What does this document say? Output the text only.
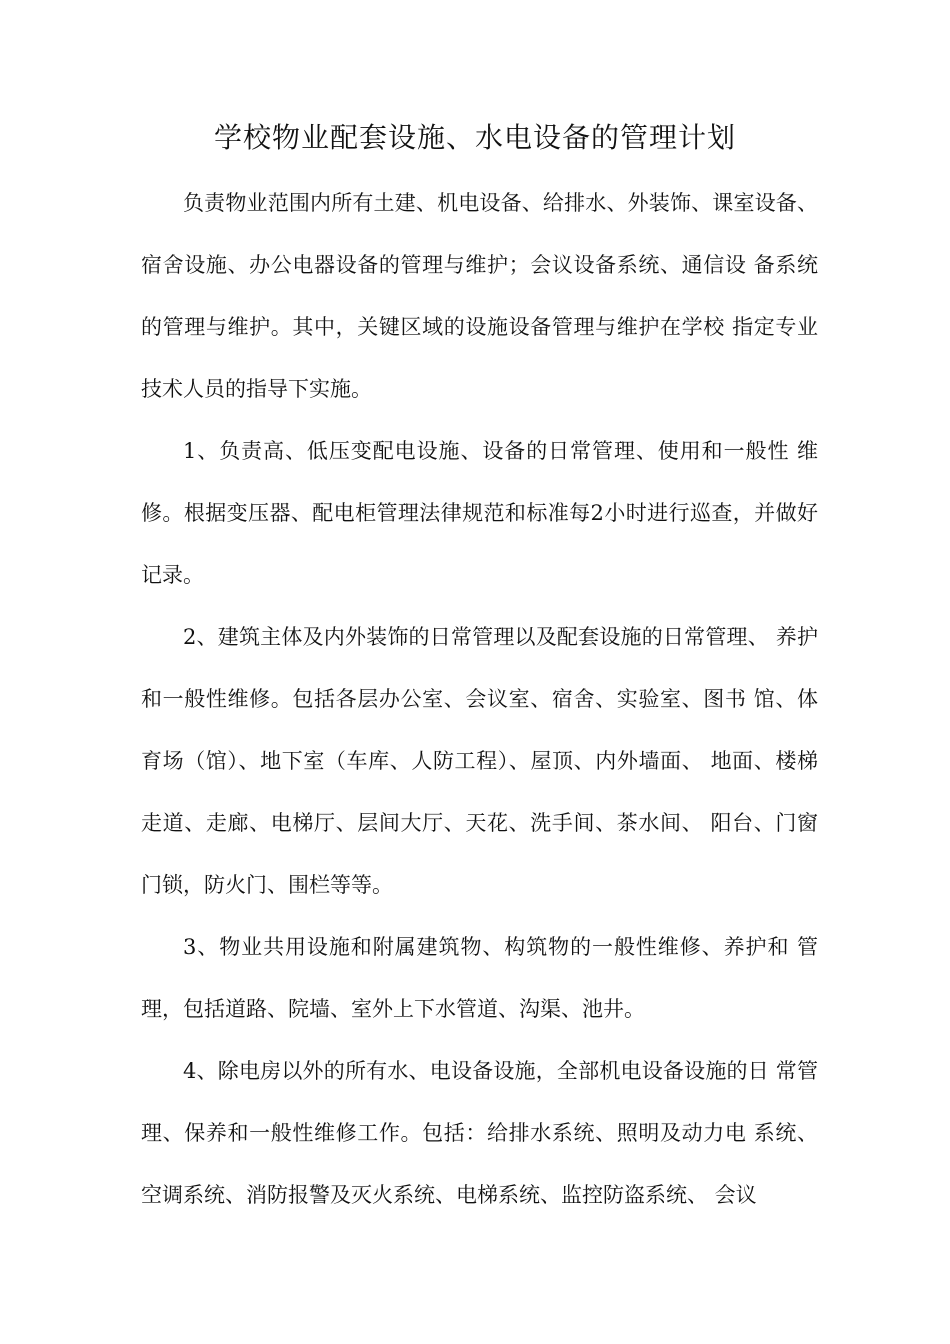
学校物业配套设施、水电设备的管理计划

负责物业范围内所有土建、机电设备、给排水、外装饰、课室设备、宿舍设施、办公电器设备的管理与维护；会议设备系统、通信设 备系统的管理与维护。其中，关键区域的设施设备管理与维护在学校 指定专业技术人员的指导下实施。

1、负责高、低压变配电设施、设备的日常管理、使用和一般性 维修。根据变压器、配电柜管理法律规范和标准每2小时进行巡查，并做好记录。

2、建筑主体及内外装饰的日常管理以及配套设施的日常管理、 养护和一般性维修。包括各层办公室、会议室、宿舍、实验室、图书 馆、体育场（馆）、地下室（车库、人防工程）、屋顶、内外墙面、 地面、楼梯走道、走廊、电梯厅、层间大厅、天花、洗手间、茶水间、 阳台、门窗门锁，防火门、围栏等等。

3、物业共用设施和附属建筑物、构筑物的一般性维修、养护和 管理，包括道路、院墙、室外上下水管道、沟渠、池井。

4、除电房以外的所有水、电设备设施，全部机电设备设施的日 常管理、保养和一般性维修工作。包括：给排水系统、照明及动力电 系统、空调系统、消防报警及灭火系统、电梯系统、监控防盗系统、 会议
